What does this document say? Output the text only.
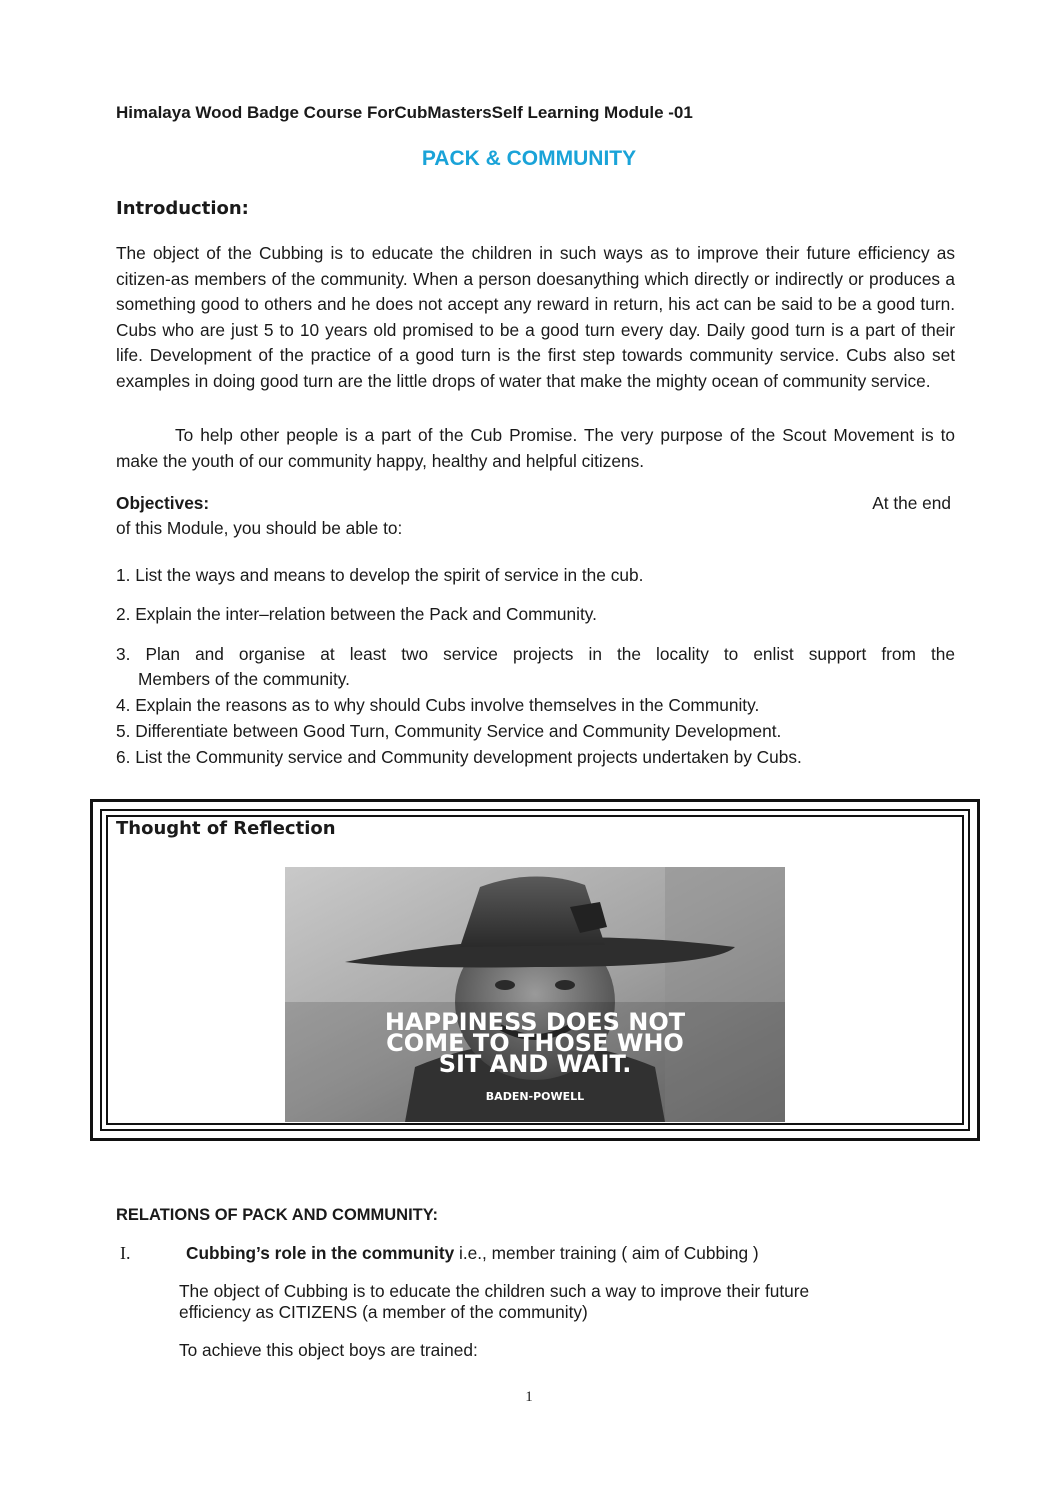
Himalaya Wood Badge Course ForCubMastersSelf Learning Module -01
PACK & COMMUNITY
Introduction:
The object of the Cubbing is to educate the children in such ways as to improve their future efficiency as citizen-as members of the community. When a person doesanything which directly or indirectly or produces a something good to others and he does not accept any reward in return, his act can be said to be a good turn. Cubs who are just 5 to 10 years old promised to be a good turn every day. Daily good turn is a part of their life. Development of the practice of a good turn is the first step towards community service. Cubs also set examples in doing good turn are the little drops of water that make the mighty ocean of community service.
To help other people is a part of the Cub Promise. The very purpose of the Scout Movement is to make the youth of our community happy, healthy and helpful citizens.
Objectives:	At the end
of this Module, you should be able to:
1. List the ways and means to develop the spirit of service in the cub.
2. Explain the inter–relation between the Pack and Community.
3. Plan and organise at least two service projects in the locality to enlist support from the
Members of the community.
4. Explain the reasons as to why should Cubs involve themselves in the Community.
5. Differentiate between Good Turn, Community Service and Community Development.
6. List the Community service and Community development projects undertaken by Cubs.
Thought of Reflection
HAPPINESS DOES NOT
COME TO THOSE WHO
SIT AND WAIT.
BADEN-POWELL
RELATIONS OF PACK AND COMMUNITY:
I.	Cubbing’s role in the community i.e., member training ( aim of Cubbing )
The object of Cubbing is to educate the children such a way to improve their future
efficiency as CITIZENS (a member of the community)
To achieve this object boys are trained:
1
